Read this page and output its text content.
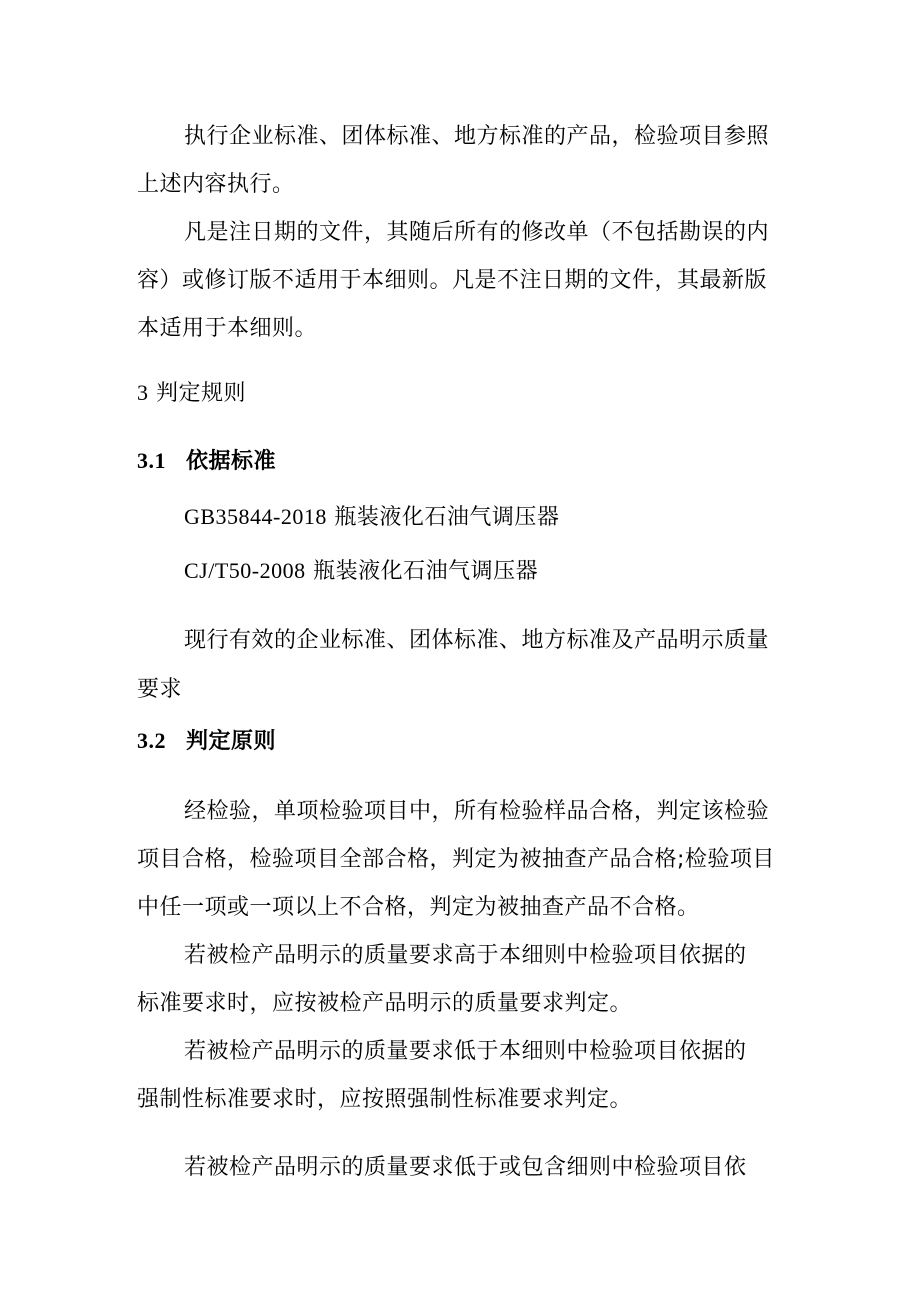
执行企业标准、团体标准、地方标准的产品，检验项目参照

上述内容执行。

凡是注日期的文件，其随后所有的修改单（不包括勘误的内

容）或修订版不适用于本细则。凡是不注日期的文件，其最新版

本适用于本细则。

3 判定规则

3.1 依据标准

GB35844-2018 瓶装液化石油气调压器

CJ/T50-2008 瓶装液化石油气调压器

现行有效的企业标准、团体标准、地方标准及产品明示质量

要求

3.2 判定原则

经检验，单项检验项目中，所有检验样品合格，判定该检验

项目合格，检验项目全部合格，判定为被抽查产品合格;检验项目

中任一项或一项以上不合格，判定为被抽查产品不合格。

若被检产品明示的质量要求高于本细则中检验项目依据的

标准要求时，应按被检产品明示的质量要求判定。

若被检产品明示的质量要求低于本细则中检验项目依据的

强制性标准要求时，应按照强制性标准要求判定。

若被检产品明示的质量要求低于或包含细则中检验项目依
